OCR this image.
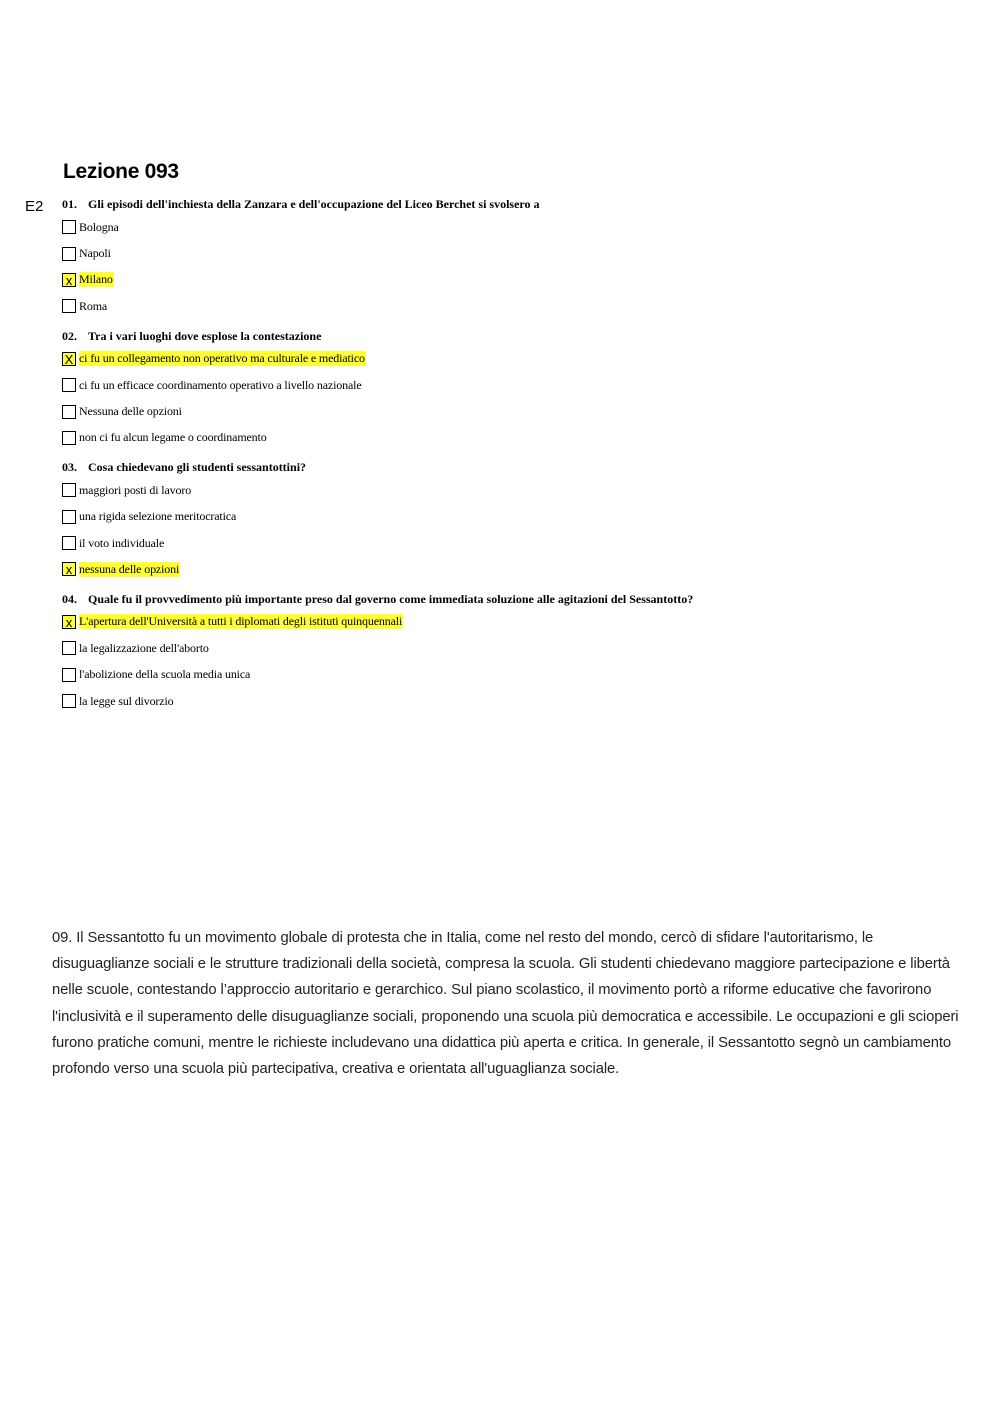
Lezione 093
E2 01. Gli episodi dell'inchiesta della Zanzara e dell'occupazione del Liceo Berchet si svolsero a
Bologna
Napoli
x Milano
Roma
02. Tra i vari luoghi dove esplose la contestazione
X ci fu un collegamento non operativo ma culturale e mediatico
ci fu un efficace coordinamento operativo a livello nazionale
Nessuna delle opzioni
non ci fu alcun legame o coordinamento
03. Cosa chiedevano gli studenti sessantottini?
maggiori posti di lavoro
una rigida selezione meritocratica
il voto individuale
x nessuna delle opzioni
04. Quale fu il provvedimento più importante preso dal governo come immediata soluzione alle agitazioni del Sessantotto?
x L'apertura dell'Università a tutti i diplomati degli istituti quinquennali
la legalizzazione dell'aborto
l'abolizione della scuola media unica
la legge sul divorzio

09. Il Sessantotto fu un movimento globale di protesta che in Italia, come nel resto del mondo, cercò di sfidare l'autoritarismo, le disuguaglianze sociali e le strutture tradizionali della società, compresa la scuola. Gli studenti chiedevano maggiore partecipazione e libertà nelle scuole, contestando l’approccio autoritario e gerarchico. Sul piano scolastico, il movimento portò a riforme educative che favorirono l'inclusività e il superamento delle disuguaglianze sociali, proponendo una scuola più democratica e accessibile. Le occupazioni e gli scioperi furono pratiche comuni, mentre le richieste includevano una didattica più aperta e critica. In generale, il Sessantotto segnò un cambiamento profondo verso una scuola più partecipativa, creativa e orientata all'uguaglianza sociale.
